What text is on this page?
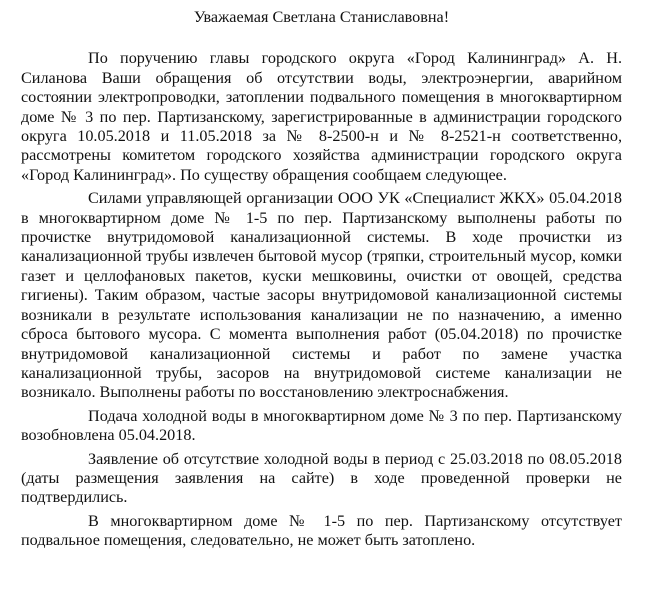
Уважаемая Светлана Станиславовна!

По поручению главы городского округа «Город Калининград» А. Н. Силанова Ваши обращения об отсутствии воды, электроэнергии, аварийном состоянии электропроводки, затоплении подвального помещения в многоквартирном доме № 3 по пер. Партизанскому, зарегистрированные в администрации городского округа 10.05.2018 и 11.05.2018 за № 8-2500-н и № 8-2521-н соответственно, рассмотрены комитетом городского хозяйства администрации городского округа «Город Калининград». По существу обращения сообщаем следующее.

Силами управляющей организации ООО УК «Специалист ЖКХ» 05.04.2018 в многоквартирном доме № 1-5 по пер. Партизанскому выполнены работы по прочистке внутридомовой канализационной системы. В ходе прочистки из канализационной трубы извлечен бытовой мусор (тряпки, строительный мусор, комки газет и целлофановых пакетов, куски мешковины, очистки от овощей, средства гигиены). Таким образом, частые засоры внутридомовой канализационной системы возникали в результате использования канализации не по назначению, а именно сброса бытового мусора. С момента выполнения работ (05.04.2018) по прочистке внутридомовой канализационной системы и работ по замене участка канализационной трубы, засоров на внутридомовой системе канализации не возникало. Выполнены работы по восстановлению электроснабжения.

Подача холодной воды в многоквартирном доме № 3 по пер. Партизанскому возобновлена 05.04.2018.

Заявление об отсутствие холодной воды в период с 25.03.2018 по 08.05.2018 (даты размещения заявления на сайте) в ходе проведенной проверки не подтвердились.

В многоквартирном доме № 1-5 по пер. Партизанскому отсутствует подвальное помещения, следовательно, не может быть затоплено.
